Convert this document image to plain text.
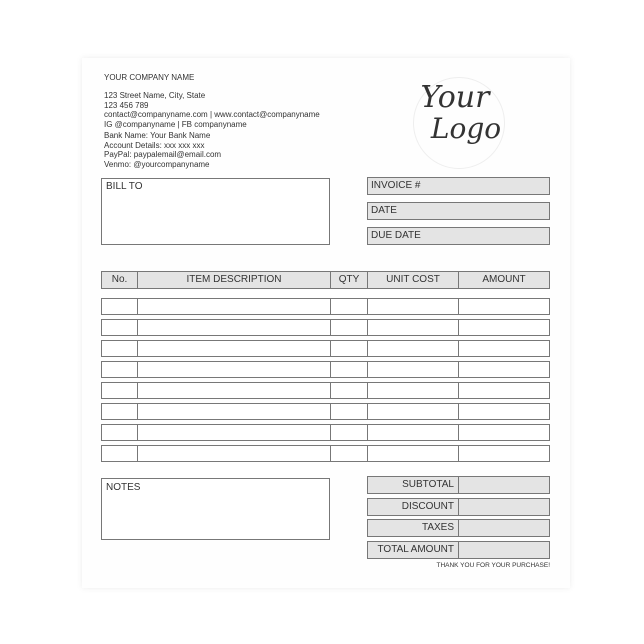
YOUR COMPANY NAME
123 Street Name, City, State
123 456 789
contact@companyname.com | www.contact@companyname
IG @companyname | FB companyname
Bank Name: Your Bank Name
Account Details: xxx xxx xxx
PayPal: paypalemail@email.com
Venmo: @yourcompanyname
Your
Logo
BILL TO	INVOICE #
DATE
DUE DATE
No.	ITEM DESCRIPTION	QTY	UNIT COST	AMOUNT
NOTES	SUBTOTAL
DISCOUNT
TAXES
TOTAL AMOUNT
THANK YOU FOR YOUR PURCHASE!
